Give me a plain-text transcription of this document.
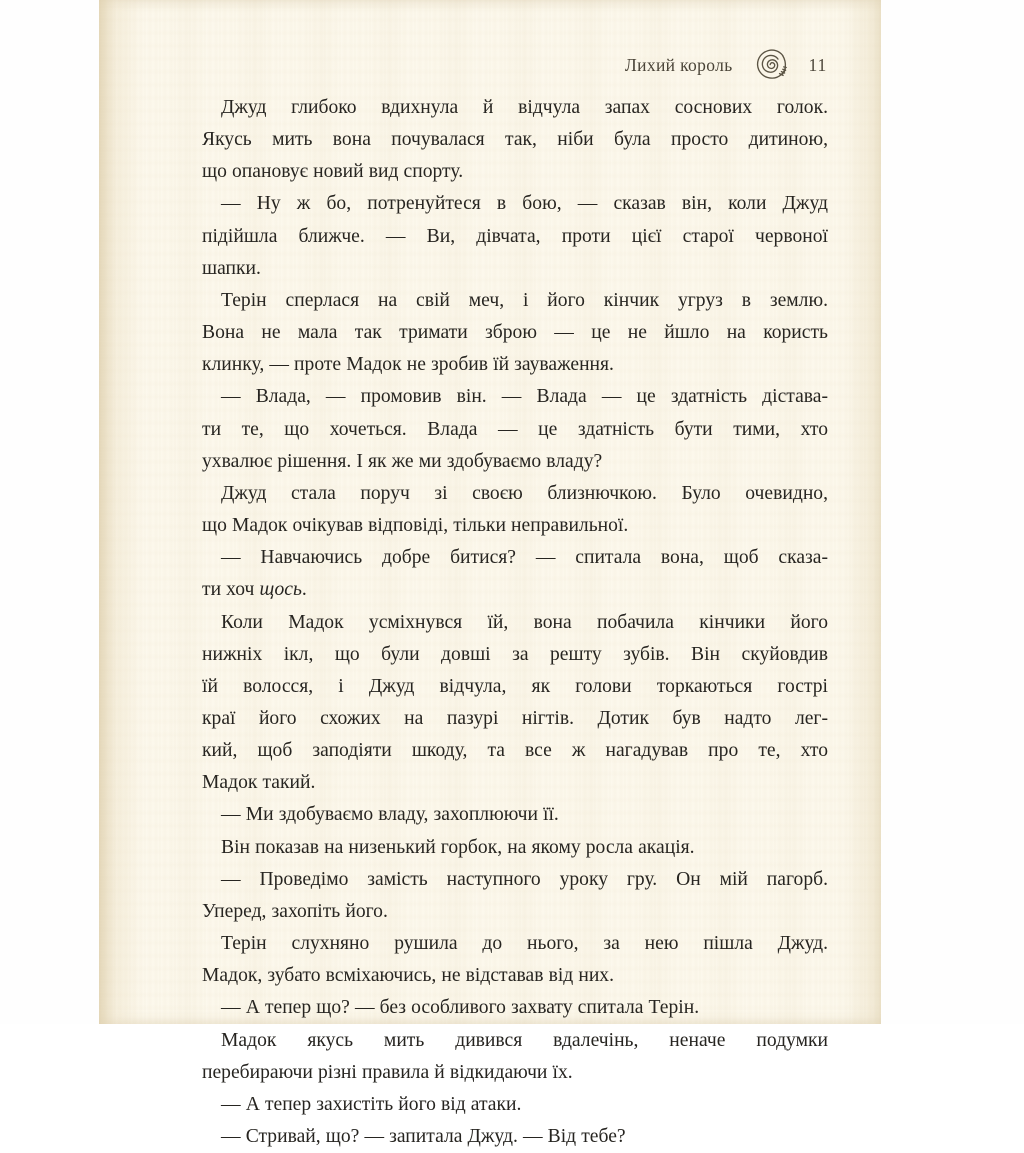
Лихий король	11

Джуд глибоко вдихнула й відчула запах соснових голок.
Якусь мить вона почувалася так, ніби була просто дитиною,
що опановує новий вид спорту.

— Ну ж бо, потренуйтеся в бою, — сказав він, коли Джуд
підійшла ближче. — Ви, дівчата, проти цієї старої червоної
шапки.

Терін сперлася на свій меч, і його кінчик угруз в землю.
Вона не мала так тримати зброю — це не йшло на користь
клинку, — проте Мадок не зробив їй зауваження.

— Влада, — промовив він. — Влада — це здатність дістава-
ти те, що хочеться. Влада — це здатність бути тими, хто
ухвалює рішення. І як же ми здобуваємо владу?

Джуд стала поруч зі своєю близнючкою. Було очевидно,
що Мадок очікував відповіді, тільки неправильної.

— Навчаючись добре битися? — спитала вона, щоб сказа-
ти хоч щось.

Коли Мадок усміхнувся їй, вона побачила кінчики його
нижніх ікл, що були довші за решту зубів. Він скуйовдив
їй волосся, і Джуд відчула, як голови торкаються гострі
краї його схожих на пазурі нігтів. Дотик був надто лег-
кий, щоб заподіяти шкоду, та все ж нагадував про те, хто
Мадок такий.

— Ми здобуваємо владу, захоплюючи її.

Він показав на низенький горбок, на якому росла акація.

— Проведімо замість наступного уроку гру. Он мій пагорб.
Уперед, захопіть його.

Терін слухняно рушила до нього, за нею пішла Джуд.
Мадок, зубато всміхаючись, не відставав від них.

— А тепер що? — без особливого захвату спитала Терін.

Мадок якусь мить дивився вдалечінь, неначе подумки
перебираючи різні правила й відкидаючи їх.

— А тепер захистіть його від атаки.

— Стривай, що? — запитала Джуд. — Від тебе?
